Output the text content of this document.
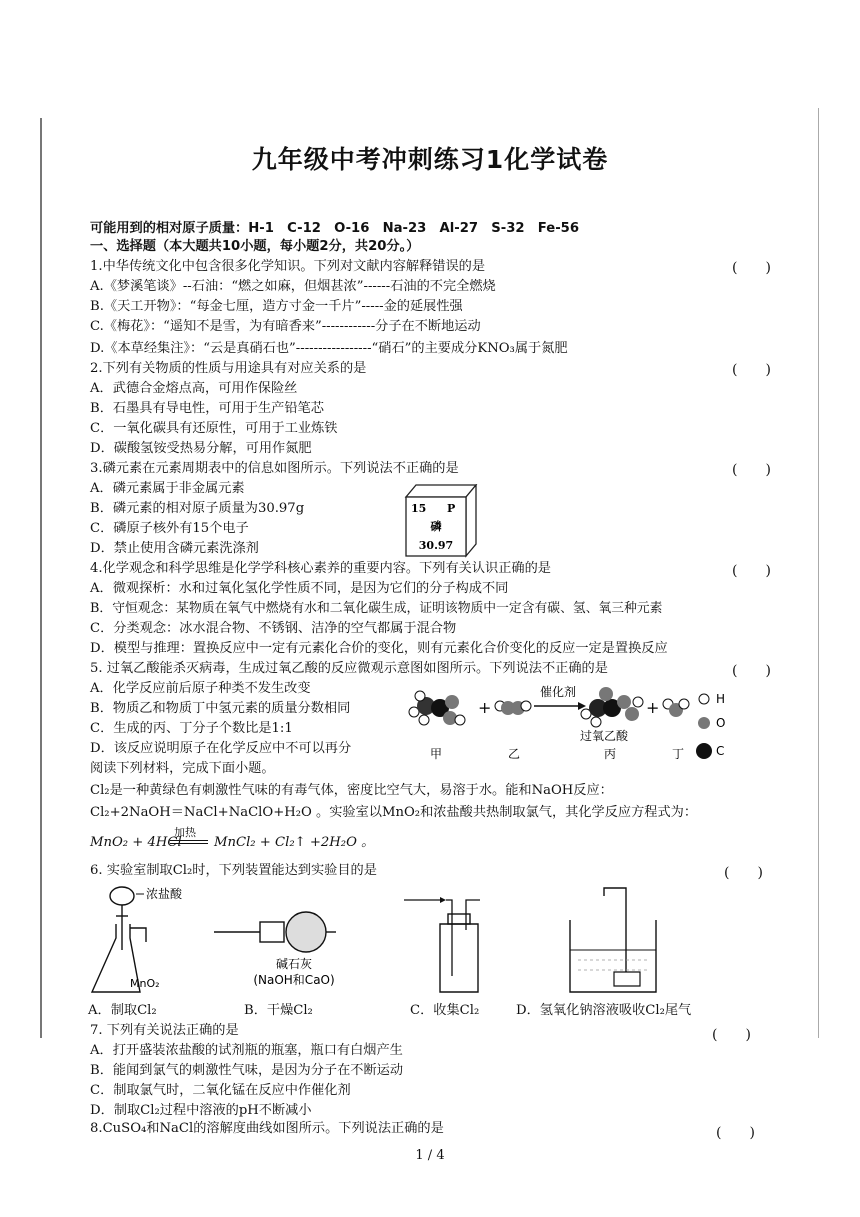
九年级中考冲刺练习1化学试卷
可能用到的相对原子质量：H-1　C-12　O-16　Na-23　Al-27　S-32　Fe-56
一、选择题（本大题共10小题，每小题2分，共20分。）
1.中华传统文化中包含很多化学知识。下列对文献内容解释错误的是	(　　)
A.《梦溪笔谈》--石油：“燃之如麻，但烟甚浓”------石油的不完全燃烧
B.《天工开物》：“每金七厘，造方寸金一千片”-----金的延展性强
C.《梅花》：“遥知不是雪，为有暗香来”------------分子在不断地运动
D.《本草经集注》：“云是真硝石也”-----------------“硝石”的主要成分KNO₃属于氮肥
2.下列有关物质的性质与用途具有对应关系的是	(　　)
A．武德合金熔点高，可用作保险丝
B．石墨具有导电性，可用于生产铅笔芯
C．一氧化碳具有还原性，可用于工业炼铁
D．碳酸氢铵受热易分解，可用作氮肥
3.磷元素在元素周期表中的信息如图所示。下列说法不正确的是	(　　)
A．磷元素属于非金属元素
B．磷元素的相对原子质量为30.97g
C．磷原子核外有15个电子
D．禁止使用含磷元素洗涤剂
15 P
磷
30.97
4.化学观念和科学思维是化学学科核心素养的重要内容。下列有关认识正确的是	(　　)
A．微观探析：水和过氧化氢化学性质不同，是因为它们的分子构成不同
B．守恒观念：某物质在氧气中燃烧有水和二氧化碳生成，证明该物质中一定含有碳、氢、氧三种元素
C．分类观念：冰水混合物、不锈钢、洁净的空气都属于混合物
D．模型与推理：置换反应中一定有元素化合价的变化，则有元素化合价变化的反应一定是置换反应
5. 过氧乙酸能杀灭病毒，生成过氧乙酸的反应微观示意图如图所示。下列说法不正确的是	(　　)
A．化学反应前后原子种类不发生改变
B．物质乙和物质丁中氢元素的质量分数相同
C．生成的丙、丁分子个数比是1:1
D．该反应说明原子在化学反应中不可以再分
+
催化剂
+	H
O
C
过氧乙酸
甲	乙	丙	丁
阅读下列材料，完成下面小题。
Cl₂是一种黄绿色有刺激性气味的有毒气体，密度比空气大，易溶于水。能和NaOH反应：
Cl₂+2NaOH＝NaCl+NaClO+H₂O 。实验室以MnO₂和浓盐酸共热制取氯气，其化学反应方程式为：
MnO₂ + 4HCl
加热
MnCl₂ + Cl₂↑ +2H₂O 。
6. 实验室制取Cl₂时，下列装置能达到实验目的是	(　　)
浓盐酸
MnO₂
碱石灰
(NaOH和CaO)
A．制取Cl₂	B．干燥Cl₂	C．收集Cl₂	D．氢氧化钠溶液吸收Cl₂尾气
7. 下列有关说法正确的是	(　　)
A．打开盛装浓盐酸的试剂瓶的瓶塞，瓶口有白烟产生
B．能闻到氯气的刺激性气味，是因为分子在不断运动
C．制取氯气时，二氧化锰在反应中作催化剂
D．制取Cl₂过程中溶液的pH不断减小
8.CuSO₄和NaCl的溶解度曲线如图所示。下列说法正确的是	(　　)
1 / 4
